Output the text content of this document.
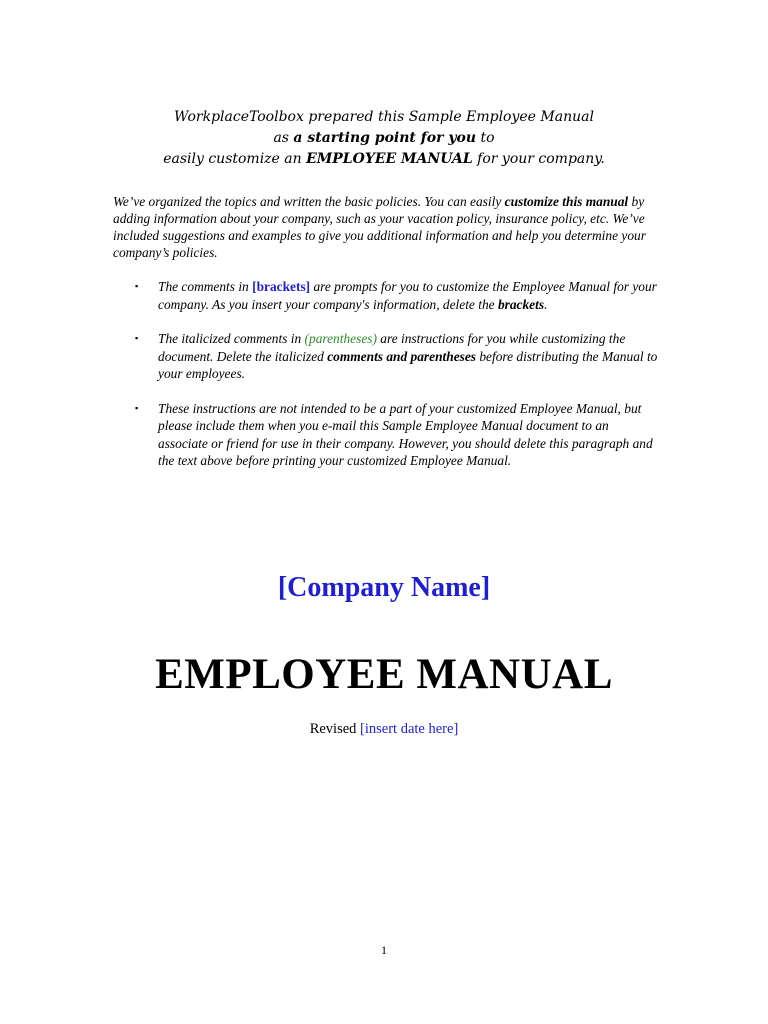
WorkplaceToolbox prepared this Sample Employee Manual
as a starting point for you to
easily customize an EMPLOYEE MANUAL for your company.
We’ve organized the topics and written the basic policies. You can easily customize this manual by adding information about your company, such as your vacation policy, insurance policy, etc. We’ve included suggestions and examples to give you additional information and help you determine your company’s policies.
▪ The comments in [brackets] are prompts for you to customize the Employee Manual for your company. As you insert your company's information, delete the brackets.
▪ The italicized comments in (parentheses) are instructions for you while customizing the document. Delete the italicized comments and parentheses before distributing the Manual to your employees.
▪ These instructions are not intended to be a part of your customized Employee Manual, but please include them when you e-mail this Sample Employee Manual document to an associate or friend for use in their company. However, you should delete this paragraph and the text above before printing your customized Employee Manual.
[Company Name]
EMPLOYEE MANUAL
Revised [insert date here]
1
